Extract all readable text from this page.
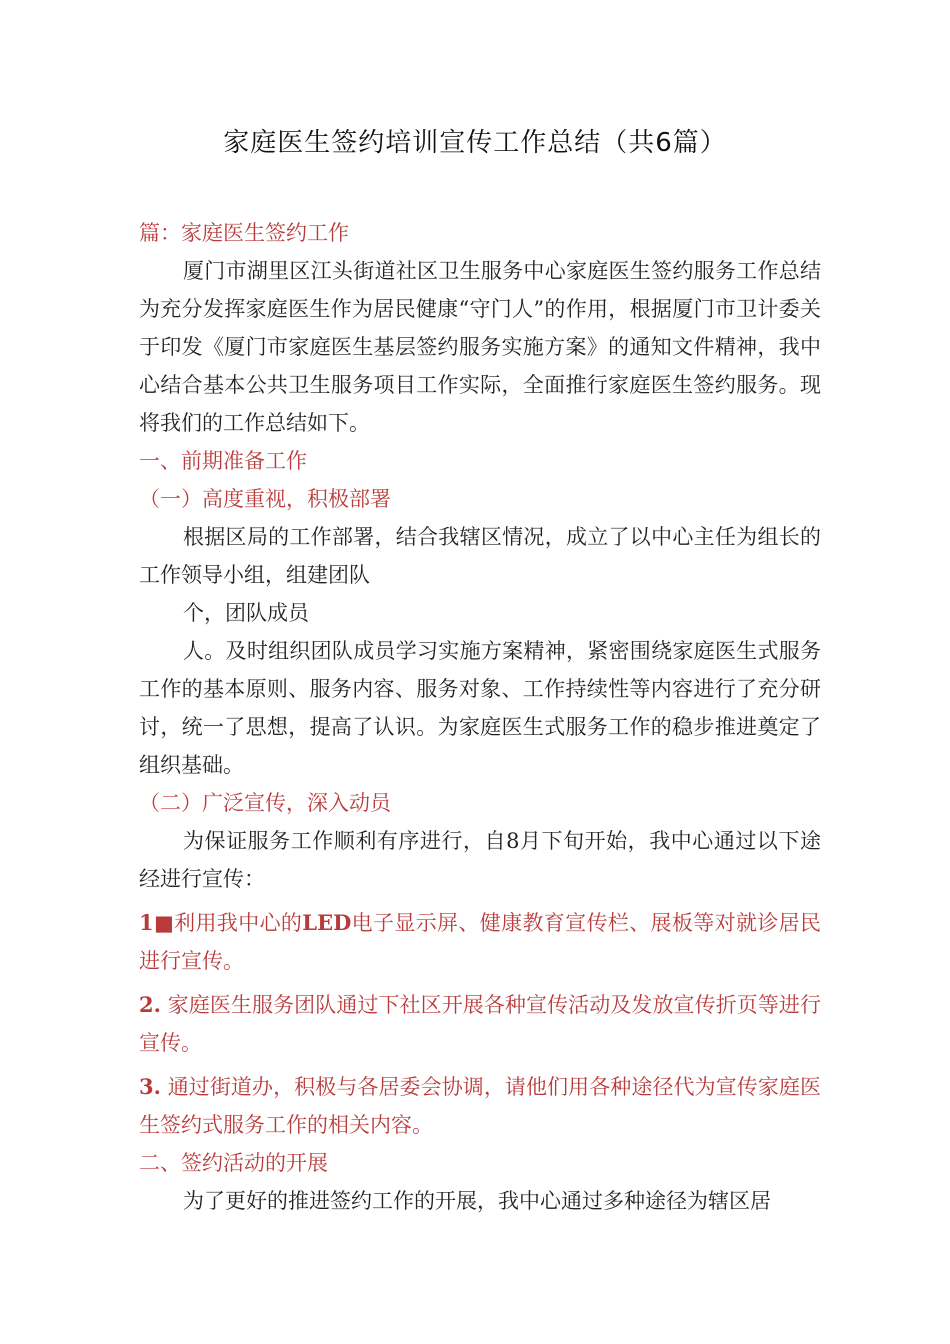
家庭医生签约培训宣传工作总结（共6篇）

篇：家庭医生签约工作

厦门市湖里区江头街道社区卫生服务中心家庭医生签约服务工作总结为充分发挥家庭医生作为居民健康“守门人”的作用，根据厦门市卫计委关于印发《厦门市家庭医生基层签约服务实施方案》的通知文件精神，我中心结合基本公共卫生服务项目工作实际，全面推行家庭医生签约服务。现将我们的工作总结如下。

一、前期准备工作

（一）高度重视，积极部署

根据区局的工作部署，结合我辖区情况，成立了以中心主任为组长的工作领导小组，组建团队

个，团队成员

人。及时组织团队成员学习实施方案精神，紧密围绕家庭医生式服务工作的基本原则、服务内容、服务对象、工作持续性等内容进行了充分研讨，统一了思想，提高了认识。为家庭医生式服务工作的稳步推进奠定了组织基础。

（二）广泛宣传，深入动员

为保证服务工作顺利有序进行，自8月下旬开始，我中心通过以下途经进行宣传：

1■利用我中心的LED电子显示屏、健康教育宣传栏、展板等对就诊居民进行宣传。

2. 家庭医生服务团队通过下社区开展各种宣传活动及发放宣传折页等进行宣传。

3. 通过街道办，积极与各居委会协调，请他们用各种途径代为宣传家庭医生签约式服务工作的相关内容。

二、签约活动的开展

为了更好的推进签约工作的开展，我中心通过多种途径为辖区居
